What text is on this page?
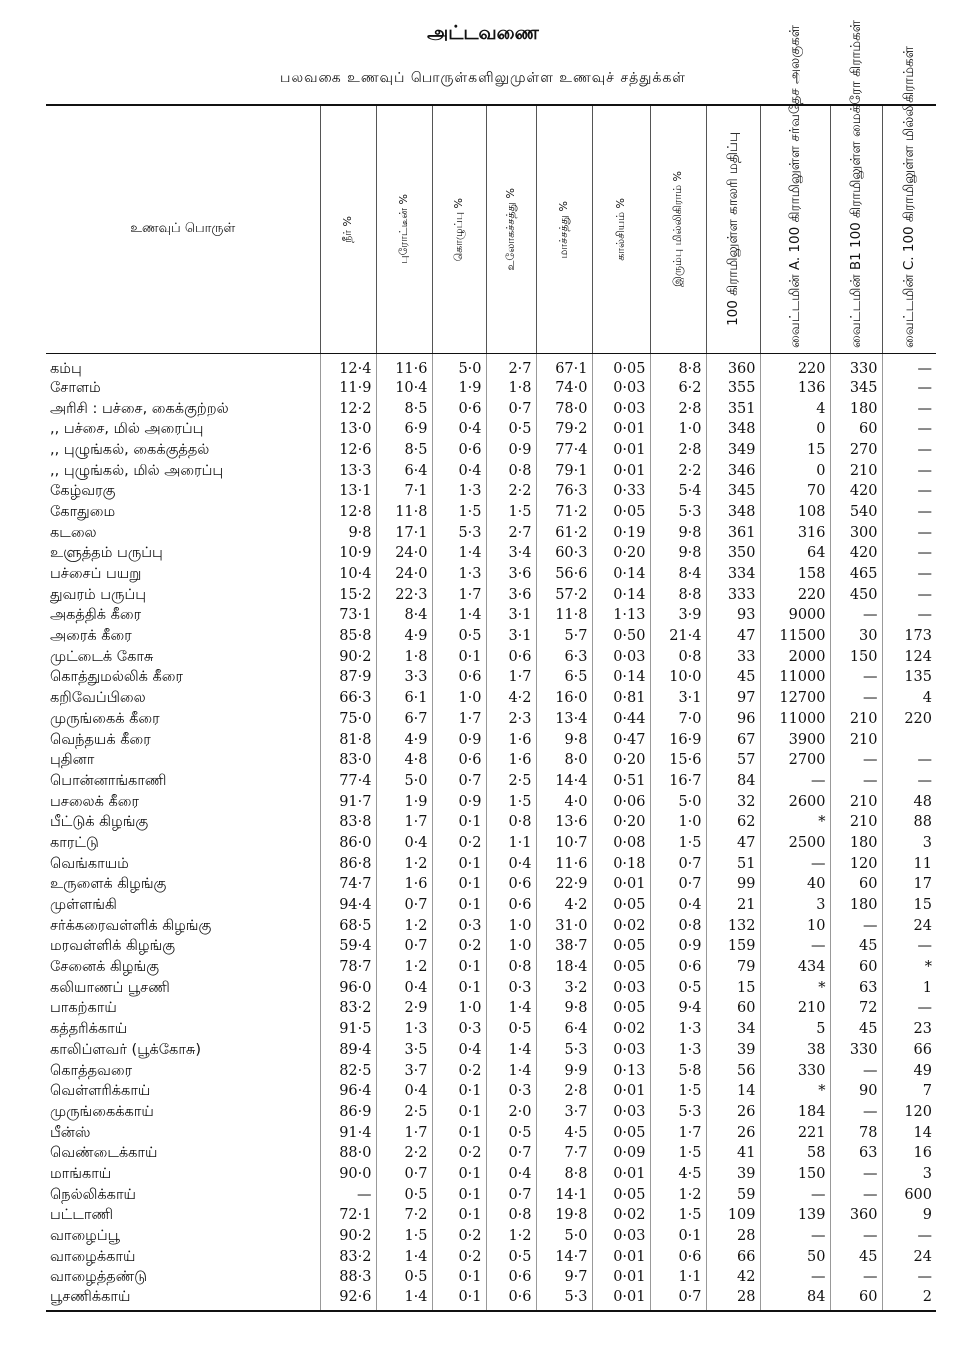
அட்டவணை
பலவகை உணவுப் பொருள்களிலுமுள்ள உணவுச் சத்துக்கள்
உணவுப் பொருள்	நீர் %	புரோட்டீன் %	கொழுப்பு %	உலோகச்சத்து %	மாச்சத்து %	கால்சியம் %	இரும்பு மில்லிகிராம் %	100 கிராமிலுள்ள காலரி மதிப்பு	வைட்டமின் A. 100 கிராமிலுள்ள சர்வதேச அலகுகள்	வைட்டமின் B1 100 கிராமிலுள்ள மைக்ரோ கிராம்கள்	வைட்டமின் C. 100 கிராமிலுள்ள மில்லிகிராம்கள்

கம்பு	12·4	11·6	5·0	2·7	67·1	0·05	8·8	360	220	330	—
சோளம்	11·9	10·4	1·9	1·8	74·0	0·03	6·2	355	136	345	—
அரிசி : பச்சை, கைக்குற்றல்	12·2	8·5	0·6	0·7	78·0	0·03	2·8	351	4	180	—
,, பச்சை, மில் அரைப்பு	13·0	6·9	0·4	0·5	79·2	0·01	1·0	348	0	60	—
,, புழுங்கல், கைக்குத்தல்	12·6	8·5	0·6	0·9	77·4	0·01	2·8	349	15	270	—
,, புழுங்கல், மில் அரைப்பு	13·3	6·4	0·4	0·8	79·1	0·01	2·2	346	0	210	—
கேழ்வரகு	13·1	7·1	1·3	2·2	76·3	0·33	5·4	345	70	420	—
கோதுமை	12·8	11·8	1·5	1·5	71·2	0·05	5·3	348	108	540	—
கடலை	9·8	17·1	5·3	2·7	61·2	0·19	9·8	361	316	300	—
உளுத்தம் பருப்பு	10·9	24·0	1·4	3·4	60·3	0·20	9·8	350	64	420	—
பச்சைப் பயறு	10·4	24·0	1·3	3·6	56·6	0·14	8·4	334	158	465	—
துவரம் பருப்பு	15·2	22·3	1·7	3·6	57·2	0·14	8·8	333	220	450	—
அகத்திக் கீரை	73·1	8·4	1·4	3·1	11·8	1·13	3·9	93	9000	—	—
அரைக் கீரை	85·8	4·9	0·5	3·1	5·7	0·50	21·4	47	11500	30	173
முட்டைக் கோசு	90·2	1·8	0·1	0·6	6·3	0·03	0·8	33	2000	150	124
கொத்துமல்லிக் கீரை	87·9	3·3	0·6	1·7	6·5	0·14	10·0	45	11000	—	135
கறிவேப்பிலை	66·3	6·1	1·0	4·2	16·0	0·81	3·1	97	12700	—	4
முருங்கைக் கீரை	75·0	6·7	1·7	2·3	13·4	0·44	7·0	96	11000	210	220
வெந்தயக் கீரை	81·8	4·9	0·9	1·6	9·8	0·47	16·9	67	3900	210	
புதினா	83·0	4·8	0·6	1·6	8·0	0·20	15·6	57	2700	—	—
பொன்னாங்காணி	77·4	5·0	0·7	2·5	14·4	0·51	16·7	84	—	—	—
பசலைக் கீரை	91·7	1·9	0·9	1·5	4·0	0·06	5·0	32	2600	210	48
பீட்டுக் கிழங்கு	83·8	1·7	0·1	0·8	13·6	0·20	1·0	62	*	210	88
காரட்டு	86·0	0·4	0·2	1·1	10·7	0·08	1·5	47	2500	180	3
வெங்காயம்	86·8	1·2	0·1	0·4	11·6	0·18	0·7	51	—	120	11
உருளைக் கிழங்கு	74·7	1·6	0·1	0·6	22·9	0·01	0·7	99	40	60	17
முள்ளங்கி	94·4	0·7	0·1	0·6	4·2	0·05	0·4	21	3	180	15
சர்க்கரைவள்ளிக் கிழங்கு	68·5	1·2	0·3	1·0	31·0	0·02	0·8	132	10	—	24
மரவள்ளிக் கிழங்கு	59·4	0·7	0·2	1·0	38·7	0·05	0·9	159	—	45	—
சேனைக் கிழங்கு	78·7	1·2	0·1	0·8	18·4	0·05	0·6	79	434	60	*
கலியாணப் பூசணி	96·0	0·4	0·1	0·3	3·2	0·03	0·5	15	*	63	1
பாகற்காய்	83·2	2·9	1·0	1·4	9·8	0·05	9·4	60	210	72	—
கத்தரிக்காய்	91·5	1·3	0·3	0·5	6·4	0·02	1·3	34	5	45	23
காலிப்ளவர் (பூக்கோசு)	89·4	3·5	0·4	1·4	5·3	0·03	1·3	39	38	330	66
கொத்தவரை	82·5	3·7	0·2	1·4	9·9	0·13	5·8	56	330	—	49
வெள்ளரிக்காய்	96·4	0·4	0·1	0·3	2·8	0·01	1·5	14	*	90	7
முருங்கைக்காய்	86·9	2·5	0·1	2·0	3·7	0·03	5·3	26	184	—	120
பீன்ஸ்	91·4	1·7	0·1	0·5	4·5	0·05	1·7	26	221	78	14
வெண்டைக்காய்	88·0	2·2	0·2	0·7	7·7	0·09	1·5	41	58	63	16
மாங்காய்	90·0	0·7	0·1	0·4	8·8	0·01	4·5	39	150	—	3
நெல்லிக்காய்	—	0·5	0·1	0·7	14·1	0·05	1·2	59	—	—	600
பட்டாணி	72·1	7·2	0·1	0·8	19·8	0·02	1·5	109	139	360	9
வாழைப்பூ	90·2	1·5	0·2	1·2	5·0	0·03	0·1	28	—	—	—
வாழைக்காய்	83·2	1·4	0·2	0·5	14·7	0·01	0·6	66	50	45	24
வாழைத்தண்டு	88·3	0·5	0·1	0·6	9·7	0·01	1·1	42	—	—	—
பூசணிக்காய்	92·6	1·4	0·1	0·6	5·3	0·01	0·7	28	84	60	2
